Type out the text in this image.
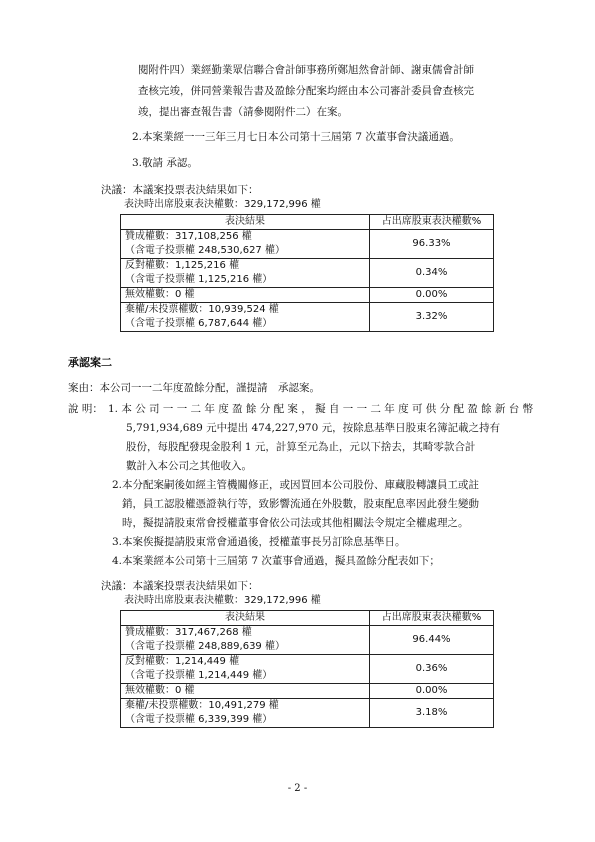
閱附件四）業經勤業眾信聯合會計師事務所鄭旭然會計師、謝東儒會計師
查核完竣，併同營業報告書及盈餘分配案均經由本公司審計委員會查核完
竣，提出審查報告書（請參閱附件二）在案。
2.本案業經一一三年三月七日本公司第十三屆第 7 次董事會決議通過。
3.敬請 承認。
決議：本議案投票表決結果如下：
表決時出席股東表決權數：329,172,996 權
表決結果	占出席股東表決權數%

贊成權數：317,108,256 權
（含電子投票權 248,530,627 權）	96.33%

反對權數：1,125,216 權
（含電子投票權 1,125,216 權）	0.34%
無效權數：0 權	0.00%

棄權/未投票權數：10,939,524 權
（含電子投票權 6,787,644 權）	3.32%
承認案二
案由：本公司一一二年度盈餘分配，謹提請　承認案。
說 明： 1. 本 公 司 一 一 二 年 度 盈 餘 分 配 案 ， 擬 自 一 一 二 年 度 可 供 分 配 盈 餘 新 台 幣
5,791,934,689 元中提出 474,227,970 元，按除息基準日股東名簿記載之持有
股份，每股配發現金股利 1 元，計算至元為止，元以下捨去，其畸零款合計
數計入本公司之其他收入。
2.本分配案嗣後如經主管機關修正，或因買回本公司股份、庫藏股轉讓員工或註
銷，員工認股權憑證執行等，致影響流通在外股數，股東配息率因此發生變動
時，擬提請股東常會授權董事會依公司法或其他相關法令規定全權處理之。
3.本案俟擬提請股東常會通過後，授權董事長另訂除息基準日。
4.本案業經本公司第十三屆第 7 次董事會通過，擬具盈餘分配表如下；
決議：本議案投票表決結果如下：
表決時出席股東表決權數：329,172,996 權
表決結果	占出席股東表決權數%

贊成權數：317,467,268 權
（含電子投票權 248,889,639 權）	96.44%

反對權數：1,214,449 權
（含電子投票權 1,214,449 權）	0.36%
無效權數：0 權	0.00%

棄權/未投票權數：10,491,279 權
（含電子投票權 6,339,399 權）	3.18%
- 2 -
